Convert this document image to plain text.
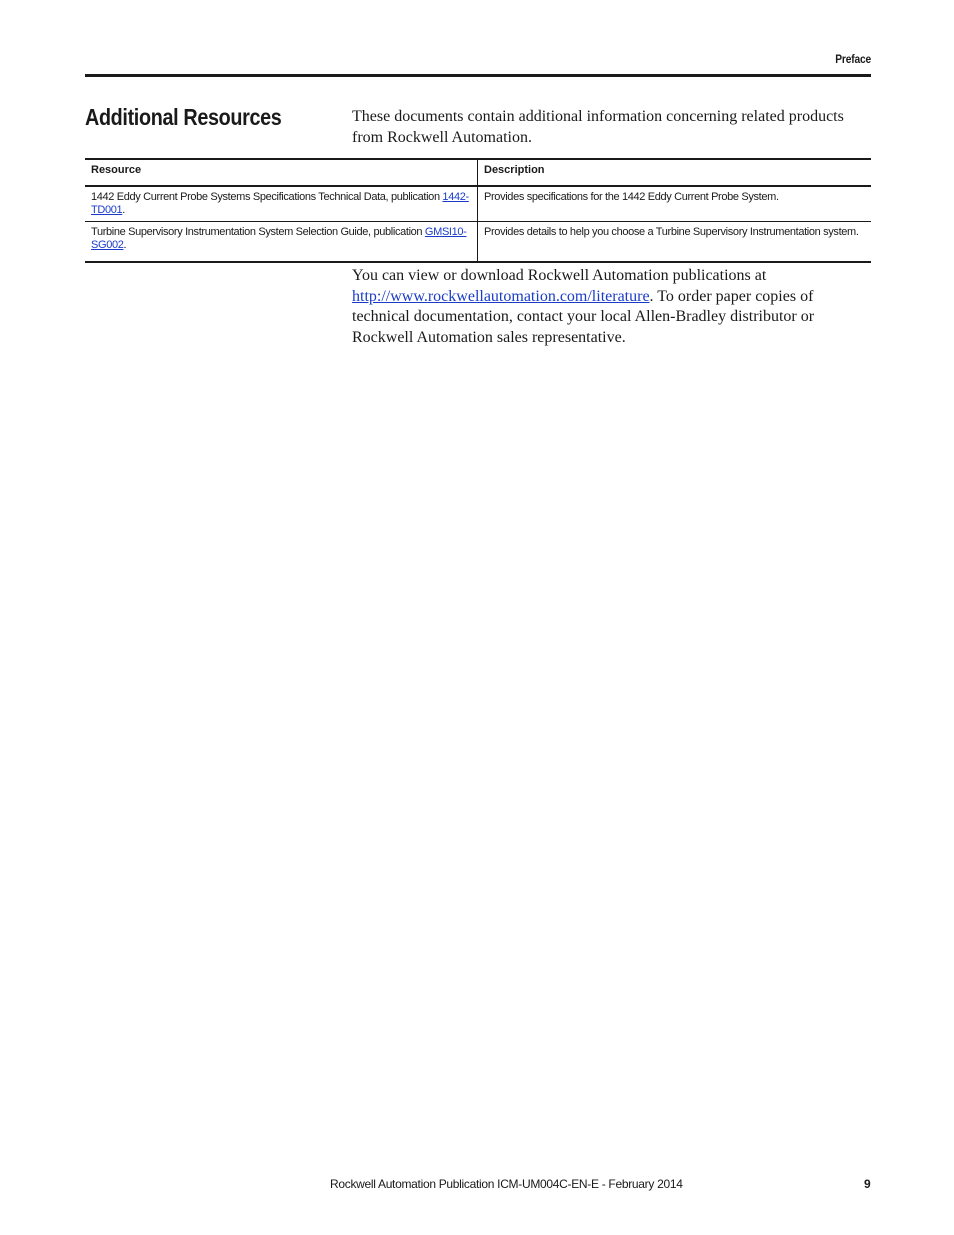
Preface
Additional Resources	These documents contain additional information concerning related products from Rockwell Automation.

Resource	Description
1442 Eddy Current Probe Systems Specifications Technical Data, publication 1442-TD001.	Provides specifications for the 1442 Eddy Current Probe System.
Turbine Supervisory Instrumentation System Selection Guide, publication GMSI10-SG002.	Provides details to help you choose a Turbine Supervisory Instrumentation system.

You can view or download Rockwell Automation publications at http://www.rockwellautomation.com/literature. To order paper copies of technical documentation, contact your local Allen-Bradley distributor or Rockwell Automation sales representative.

Rockwell Automation Publication ICM-UM004C-EN-E - February 2014	9
